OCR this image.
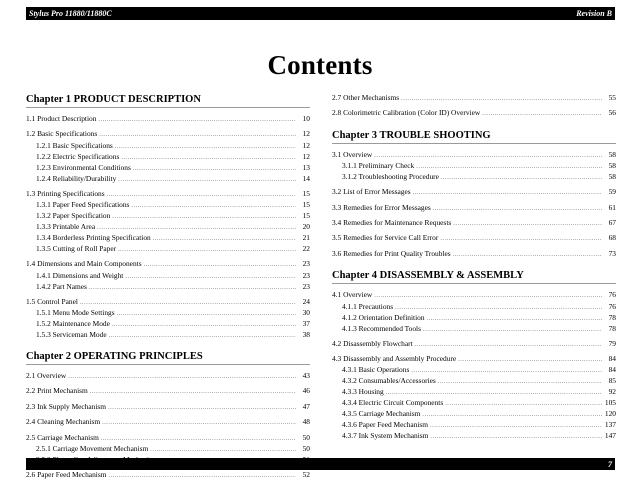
Stylus Pro 11880/11880C	Revision B
Contents
Chapter 1 PRODUCT DESCRIPTION
1.1 Product Description .....	10
1.2 Basic Specifications .....	12
1.2.1 Basic Specifications .....	12
1.2.2 Electric Specifications .....	12
1.2.3 Environmental Conditions .....	13
1.2.4 Reliability/Durability .....	14
1.3 Printing Specifications .....	15
1.3.1 Paper Feed Specifications .....	15
1.3.2 Paper Specification .....	15
1.3.3 Printable Area .....	20
1.3.4 Borderless Printing Specification .....	21
1.3.5 Cutting of Roll Paper .....	22
1.4 Dimensions and Main Components .....	23
1.4.1 Dimensions and Weight .....	23
1.4.2 Part Names .....	23
1.5 Control Panel .....	24
1.5.1 Menu Mode Settings .....	30
1.5.2 Maintenance Mode .....	37
1.5.3 Serviceman Mode .....	38
Chapter 2 OPERATING PRINCIPLES
2.1 Overview .....	43
2.2 Print Mechanism .....	46
2.3 Ink Supply Mechanism .....	47
2.4 Cleaning Mechanism .....	48
2.5 Carriage Mechanism .....	50
2.5.1 Carriage Movement Mechanism .....	50
.....
2.6 Paper Feed Mechanism .....	52
2.7 Other Mechanisms .....	55
2.8 Colorimetric Calibration (Color ID) Overview .....	56
Chapter 3 TROUBLE SHOOTING
3.1 Overview .....	58
3.1.1 Preliminary Check .....	58
3.1.2 Troubleshooting Procedure .....	58
3.2 List of Error Messages .....	59
3.3 Remedies for Error Messages .....	61
3.4 Remedies for Maintenance Requests .....	67
3.5 Remedies for Service Call Error .....	68
3.6 Remedies for Print Quality Troubles .....	73
Chapter 4 DISASSEMBLY & ASSEMBLY
4.1 Overview .....	76
4.1.1 Precautions .....	76
4.1.2 Orientation Definition .....	78
4.1.3 Recommended Tools .....	78
4.2 Disassembly Flowchart .....	79
4.3 Disassembly and Assembly Procedure .....	84
4.3.1 Basic Operations .....	84
4.3.2 Consumables/Accessories .....	85
4.3.3 Housing .....	92
4.3.4 Electric Circuit Components .....	105
4.3.5 Carriage Mechanism .....	120
4.3.6 Paper Feed Mechanism .....	137
4.3.7 Ink System Mechanism .....	147
7
